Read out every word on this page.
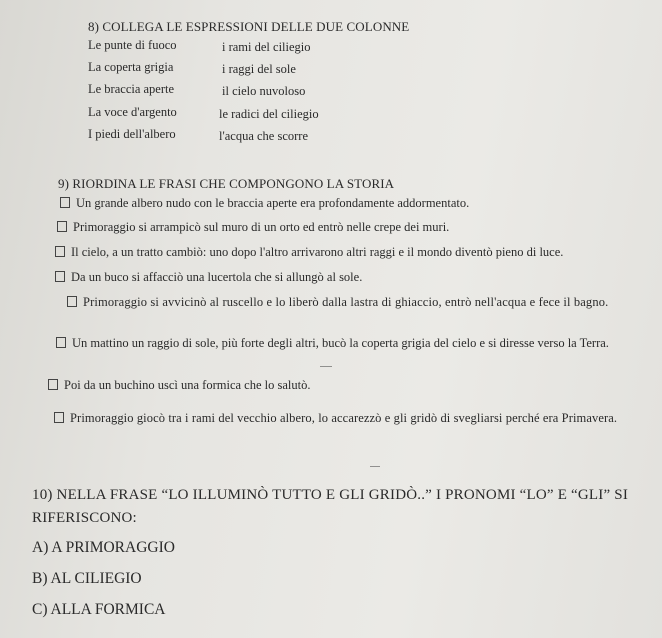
8) COLLEGA LE ESPRESSIONI DELLE DUE COLONNE
Le punte di fuoco
La coperta grigia
Le braccia aperte
La voce d'argento
I piedi dell'albero
i rami del ciliegio
i raggi del sole
il cielo nuvoloso
le radici del ciliegio
l'acqua che scorre
9) RIORDINA LE FRASI CHE COMPONGONO LA STORIA
Un grande albero nudo con le braccia aperte era profondamente addormentato.
Primoraggio si arrampicò sul muro di un orto ed entrò nelle crepe dei muri.
Il cielo, a un tratto cambiò: uno dopo l'altro arrivarono altri raggi e il mondo diventò pieno di luce.
Da un buco si affacciò una lucertola che si allungò al sole.
Primoraggio si avvicinò al ruscello e lo liberò dalla lastra di ghiaccio, entrò nell'acqua e fece il bagno.
Un mattino un raggio di sole, più forte degli altri, bucò la coperta grigia del cielo e si diresse verso la Terra.
Poi da un buchino uscì una formica che lo salutò.
Primoraggio giocò tra i rami del vecchio albero, lo accarezzò e gli gridò di svegliarsi perché era Primavera.
10) NELLA FRASE “LO ILLUMINÒ TUTTO E GLI GRIDÒ..” I PRONOMI “LO” E “GLI” SI RIFERISCONO:
A) A PRIMORAGGIO
B) AL CILIEGIO
C) ALLA FORMICA
